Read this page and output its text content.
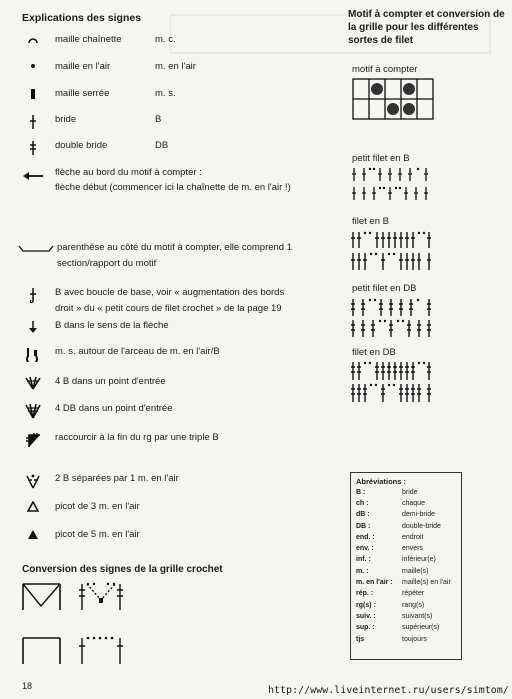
Explications des signes	Motif à compter et conversion de la grille pour les différentes sortes de filet
maille chaînette	m. c.
maille en l'air	m. en l'air
maille serrée	m. s.
bride	B
double bride	DB
flèche au bord du motif à compter :
flèche début (commencer ici la chaînette de m. en l'air !)
parenthèse au côté du motif à compter, elle comprend 1
section/rapport du motif
B avec boucle de base, voir « augmentation des bords
droit » du « petit cours de filet crochet » de la page 19
B dans le sens de la flèche
m. s. autour de l'arceau de m. en l'air/B
4 B dans un point d'entrée
4 DB dans un point d'entrée
raccourcir à la fin du rg par une triple B
2 B séparées par 1 m. en l'air
picot de 3 m. en l'air
picot de 5 m. en l'air
Conversion des signes de la grille crochet
motif à compter
petit filet en B
filet en B
petit filet en DB
filet en DB
Abréviations :
B :	bride
ch :	chaque
dB :	demi-bride
DB :	double-bride
end. :	endroit
env. :	envers
inf. :	inférieur(e)
m. :	maille(s)
m. en l'air : maille(s) en l'air
rép. :	répéter
rg(s) :	rang(s)
suiv. :	suivant(s)
sup. :	supérieur(s)
tjs	toujours
18	http://www.liveinternet.ru/users/simtom/
